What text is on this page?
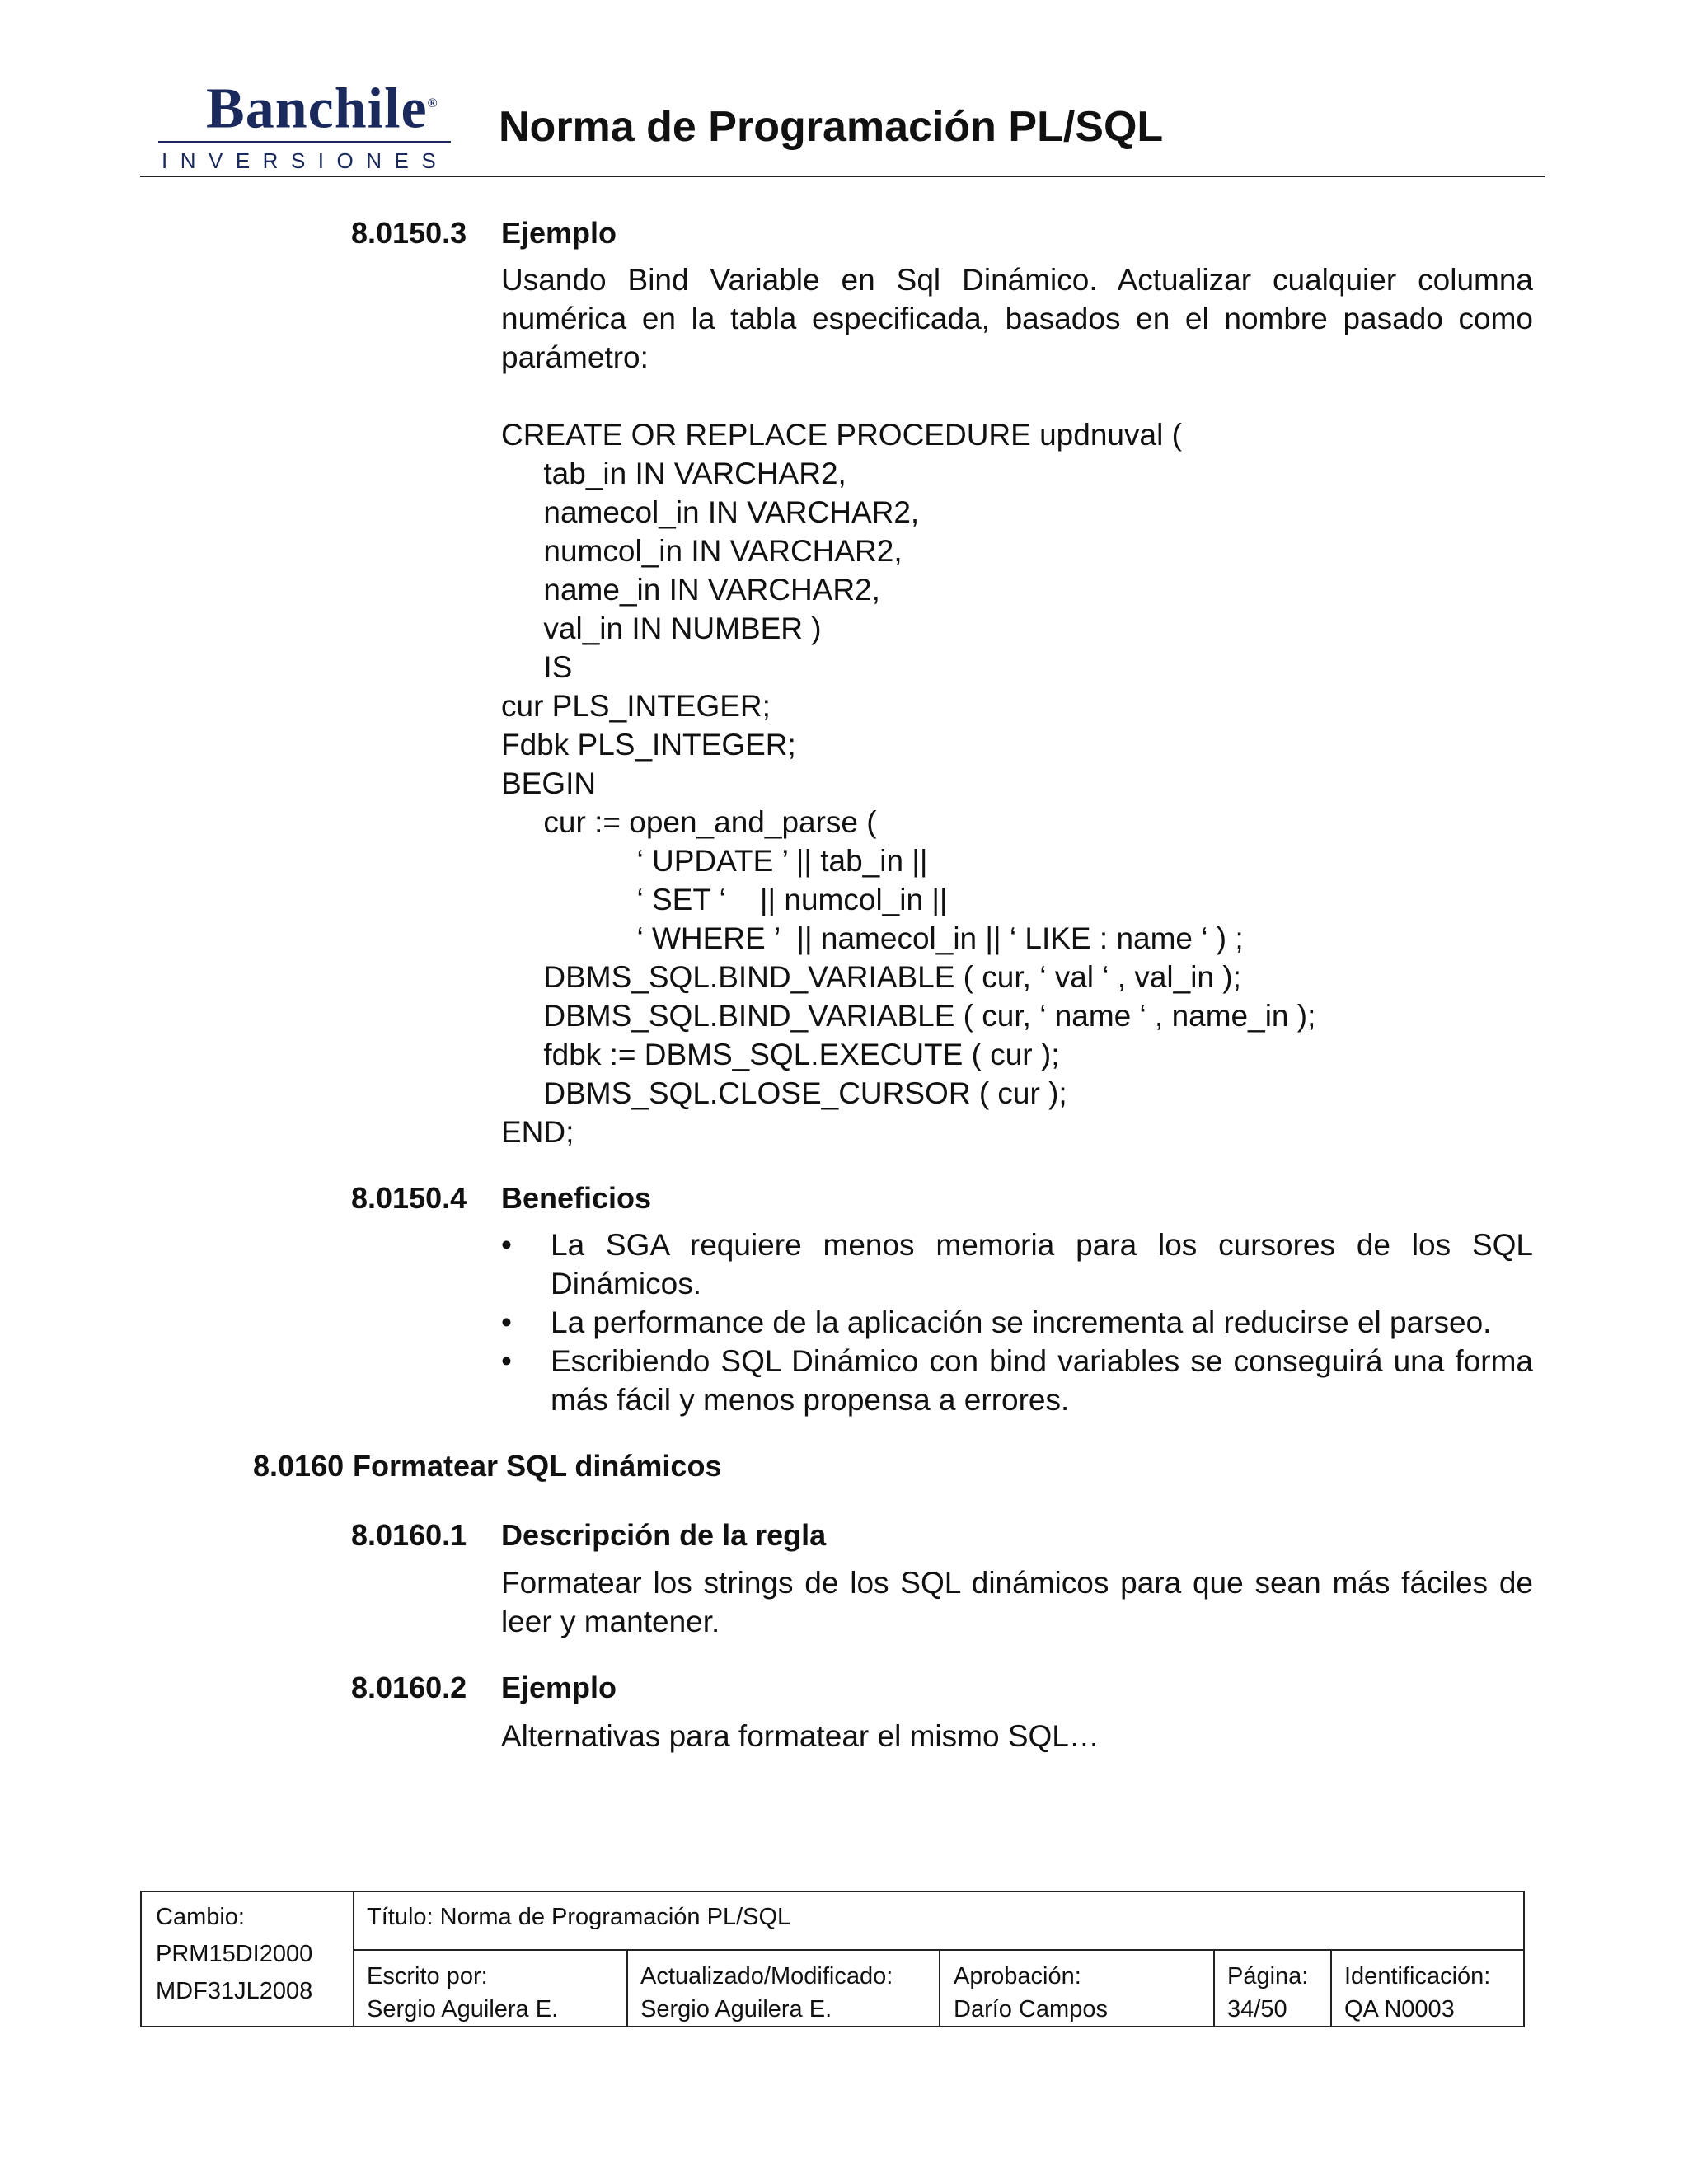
Banchile®
INVERSIONES
Norma de Programación PL/SQL
8.0150.3 Ejemplo
Usando Bind Variable en Sql Dinámico. Actualizar cualquier columna numérica en la tabla especificada, basados en el nombre pasado como parámetro:
CREATE OR REPLACE PROCEDURE updnuval (
tab_in IN VARCHAR2,
namecol_in IN VARCHAR2,
numcol_in IN VARCHAR2,
name_in IN VARCHAR2,
val_in IN NUMBER )
IS
cur PLS_INTEGER;
Fdbk PLS_INTEGER;
BEGIN
cur := open_and_parse (
‘ UPDATE ’ || tab_in ||
‘ SET ‘    || numcol_in ||
‘ WHERE ’  || namecol_in || ‘ LIKE : name ‘ ) ;
DBMS_SQL.BIND_VARIABLE ( cur, ‘ val ‘ , val_in );
DBMS_SQL.BIND_VARIABLE ( cur, ‘ name ‘ , name_in );
fdbk := DBMS_SQL.EXECUTE ( cur );
DBMS_SQL.CLOSE_CURSOR ( cur );
END;
8.0150.4 Beneficios
•	La SGA requiere menos memoria para los cursores de los SQL Dinámicos.
•	La performance de la aplicación se incrementa al reducirse el parseo.
•	Escribiendo SQL Dinámico con bind variables se conseguirá una forma más fácil y menos propensa a errores.
8.0160 Formatear SQL dinámicos
8.0160.1 Descripción de la regla
Formatear los strings de los SQL dinámicos para que sean más fáciles de leer y mantener.
8.0160.2 Ejemplo
Alternativas para formatear el mismo SQL…
Cambio:
PRM15DI2000
MDF31JL2008
Título: Norma de Programación PL/SQL
Escrito por:
Sergio Aguilera E.
Actualizado/Modificado:
Sergio Aguilera E.
Aprobación:
Darío Campos
Página:
34/50
Identificación:
QA N0003
